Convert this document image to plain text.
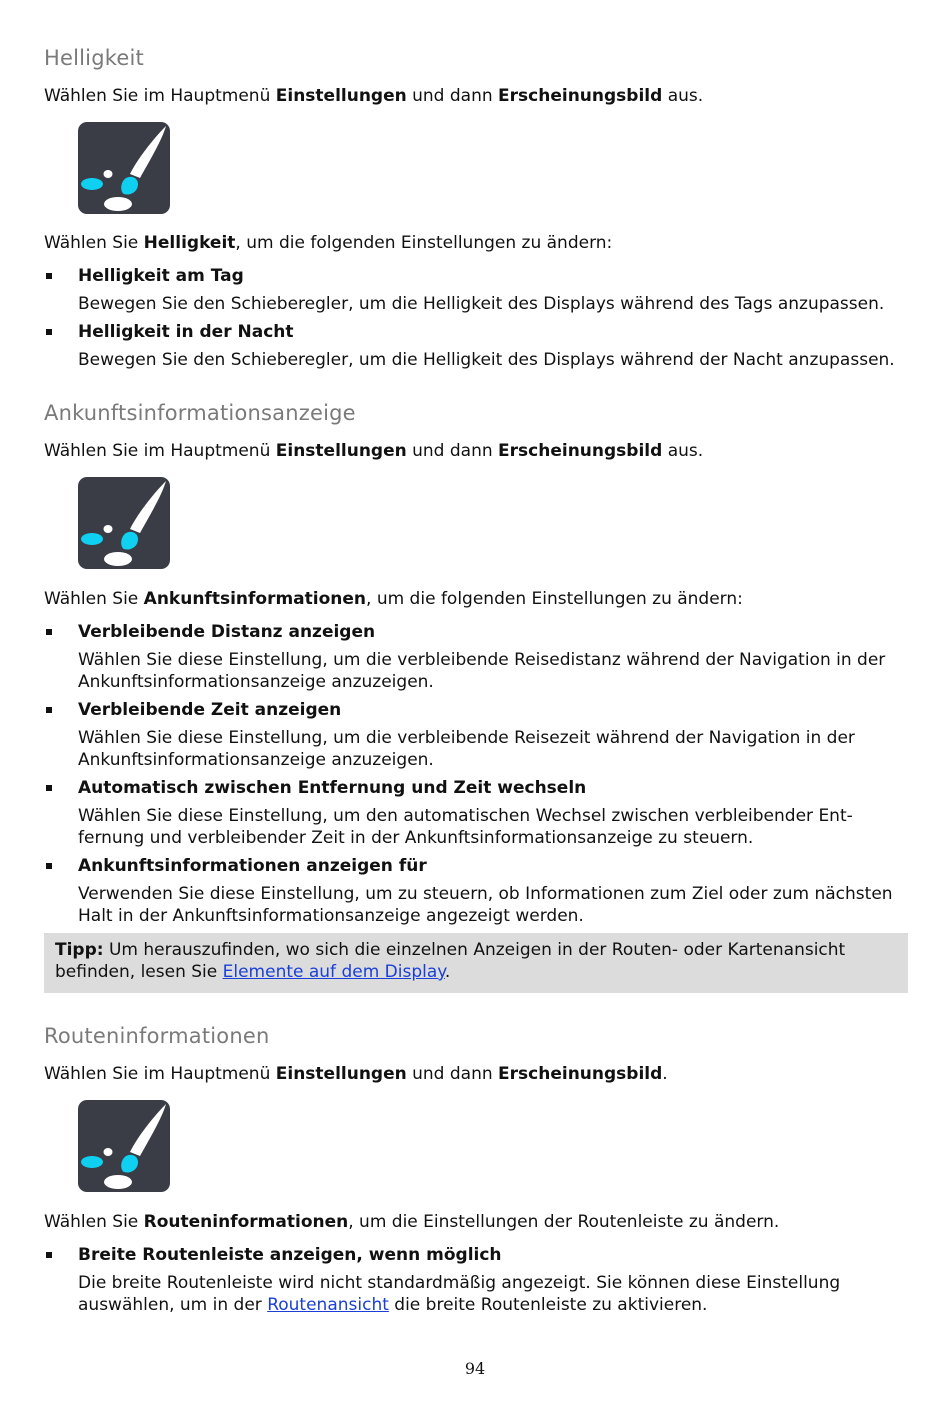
Helligkeit

Wählen Sie im Hauptmenü Einstellungen und dann Erscheinungsbild aus.

Wählen Sie Helligkeit, um die folgenden Einstellungen zu ändern:

Helligkeit am Tag
Bewegen Sie den Schieberegler, um die Helligkeit des Displays während des Tags anzupassen.
Helligkeit in der Nacht
Bewegen Sie den Schieberegler, um die Helligkeit des Displays während der Nacht anzupassen.
Ankunftsinformationsanzeige

Wählen Sie im Hauptmenü Einstellungen und dann Erscheinungsbild aus.

Wählen Sie Ankunftsinformationen, um die folgenden Einstellungen zu ändern:

Verbleibende Distanz anzeigen
Wählen Sie diese Einstellung, um die verbleibende Reisedistanz während der Navigation in der
Ankunftsinformationsanzeige anzuzeigen.
Verbleibende Zeit anzeigen
Wählen Sie diese Einstellung, um die verbleibende Reisezeit während der Navigation in der
Ankunftsinformationsanzeige anzuzeigen.
Automatisch zwischen Entfernung und Zeit wechseln
Wählen Sie diese Einstellung, um den automatischen Wechsel zwischen verbleibender Ent-
fernung und verbleibender Zeit in der Ankunftsinformationsanzeige zu steuern.
Ankunftsinformationen anzeigen für
Verwenden Sie diese Einstellung, um zu steuern, ob Informationen zum Ziel oder zum nächsten
Halt in der Ankunftsinformationsanzeige angezeigt werden.
Tipp: Um herauszufinden, wo sich die einzelnen Anzeigen in der Routen- oder Kartenansicht
befinden, lesen Sie Elemente auf dem Display.
Routeninformationen

Wählen Sie im Hauptmenü Einstellungen und dann Erscheinungsbild.

Wählen Sie Routeninformationen, um die Einstellungen der Routenleiste zu ändern.

Breite Routenleiste anzeigen, wenn möglich
Die breite Routenleiste wird nicht standardmäßig angezeigt. Sie können diese Einstellung
auswählen, um in der Routenansicht die breite Routenleiste zu aktivieren.
94
